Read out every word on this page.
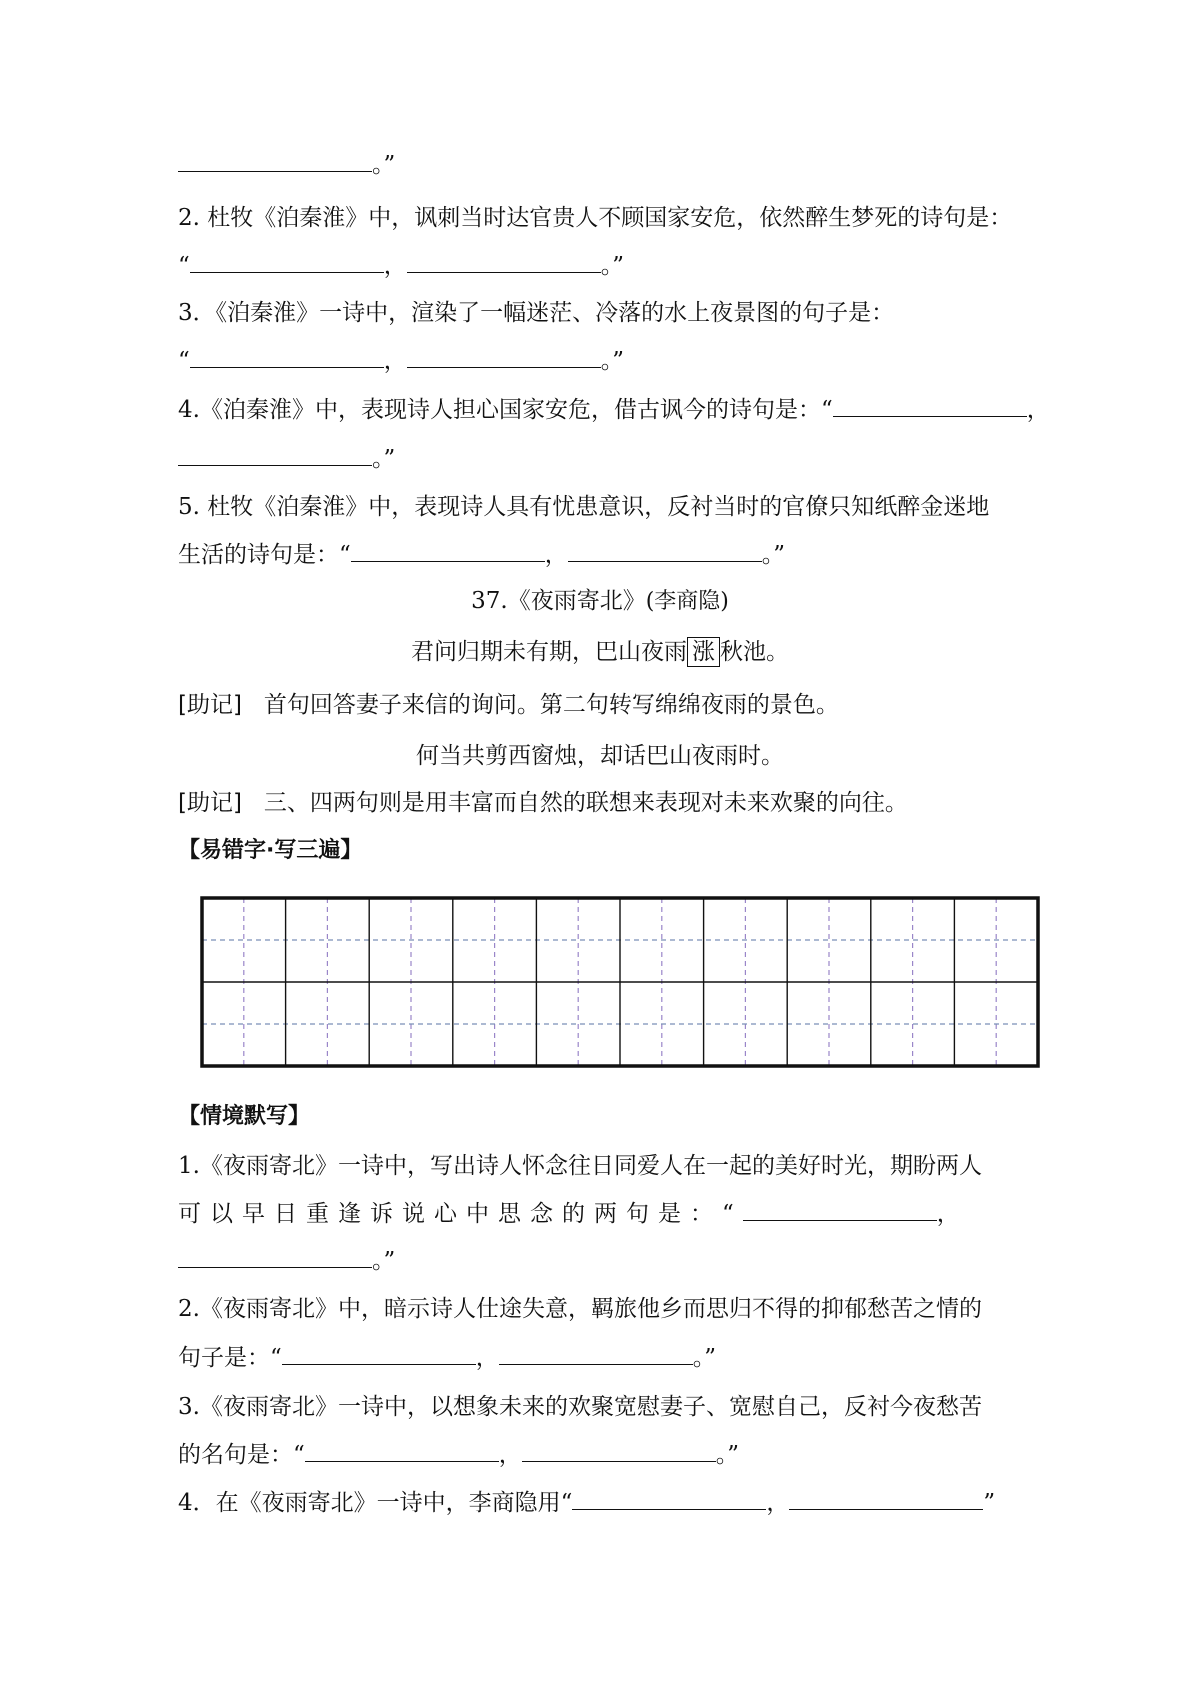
。”
2. 杜牧《泊秦淮》中，讽刺当时达官贵人不顾国家安危，依然醉生梦死的诗句是：
“	，	。”
3．《泊秦淮》一诗中，渲染了一幅迷茫、冷落的水上夜景图的句子是：
“	，	。”
4.《泊秦淮》中，表现诗人担心国家安危，借古讽今的诗句是：“	，
。”
5. 杜牧《泊秦淮》中，表现诗人具有忧患意识，反衬当时的官僚只知纸醉金迷地
生活的诗句是：“	，	。”
37.《夜雨寄北》(李商隐)
君问归期未有期，巴山夜雨 涨 秋池。
[助记] 首句回答妻子来信的询问。第二句转写绵绵夜雨的景色。
何当共剪西窗烛，却话巴山夜雨时。
[助记] 三、四两句则是用丰富而自然的联想来表现对未来欢聚的向往。
【易错字·写三遍】
【情境默写】
1.《夜雨寄北》一诗中，写出诗人怀念往日同爱人在一起的美好时光，期盼两人
可以早日重逢诉说心中思念的两句是：“	，
。”
2.《夜雨寄北》中，暗示诗人仕途失意，羁旅他乡而思归不得的抑郁愁苦之情的
句子是：“	，	。”
3.《夜雨寄北》一诗中，以想象未来的欢聚宽慰妻子、宽慰自己，反衬今夜愁苦
的名句是：“	，	。”
4．在《夜雨寄北》一诗中，李商隐用“	，	”
